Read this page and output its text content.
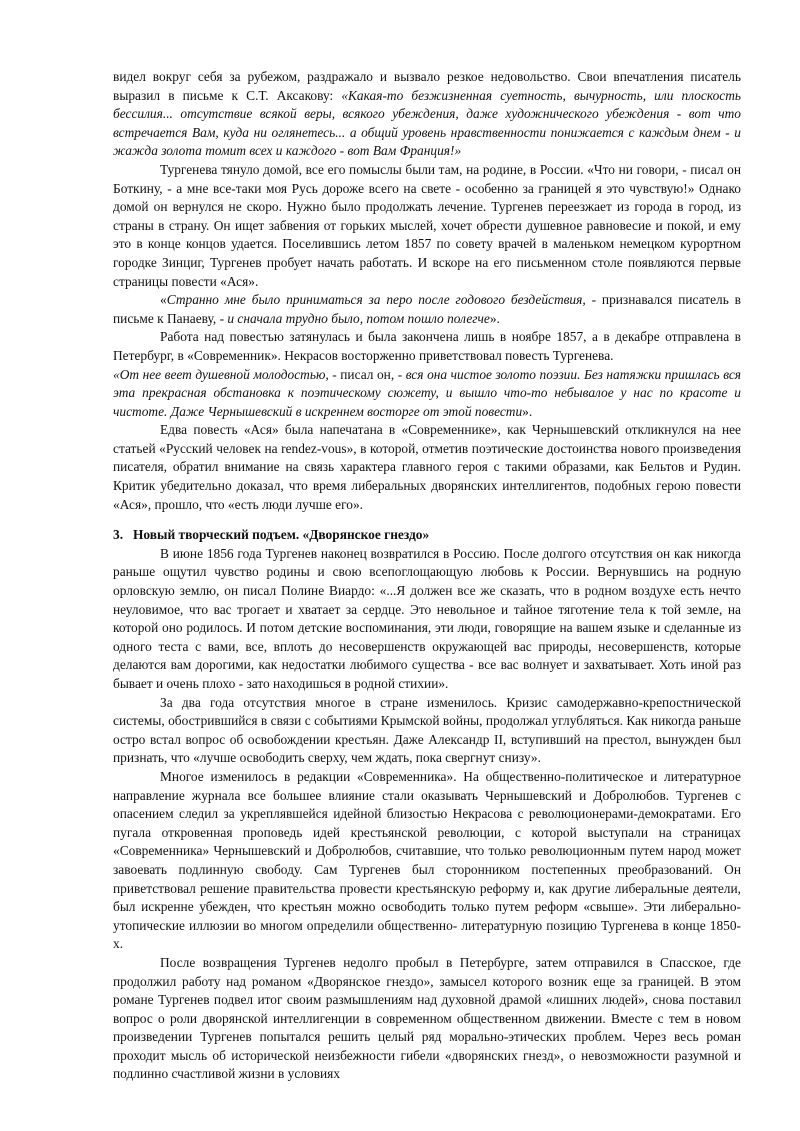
видел вокруг себя за рубежом, раздражало и вызвало резкое недовольство. Свои впечатления писатель выразил в письме к С.Т. Аксакову: «Какая-то безжизненная суетность, вычурность, или плоскость бессилия... отсутствие всякой веры, всякого убеждения, даже художнического убеждения - вот что встречается Вам, куда ни оглянетесь... а общий уровень нравственности понижается с каждым днем - и жажда золота томит всех и каждого - вот Вам Франция!»

Тургенева тянуло домой, все его помыслы были там, на родине, в России. «Что ни говори, - писал он Боткину, - а мне все-таки моя Русь дороже всего на свете - особенно за границей я это чувствую!» Однако домой он вернулся не скоро. Нужно было продолжать лечение. Тургенев переезжает из города в город, из страны в страну. Он ищет забвения от горьких мыслей, хочет обрести душевное равновесие и покой, и ему это в конце концов удается. Поселившись летом 1857 по совету врачей в маленьком немецком курортном городке Зинциг, Тургенев пробует начать работать. И вскоре на его письменном столе появляются первые страницы повести «Ася».

«Странно мне было приниматься за перо после годового бездействия, - признавался писатель в письме к Панаеву, - и сначала трудно было, потом пошло полегче».

Работа над повестью затянулась и была закончена лишь в ноябре 1857, а в декабре отправлена в Петербург, в «Современник». Некрасов восторженно приветствовал повесть Тургенева.

«От нее веет душевной молодостью, - писал он, - вся она чистое золото поэзии. Без натяжки пришлась вся эта прекрасная обстановка к поэтическому сюжету, и вышло что-то небывалое у нас по красоте и чистоте. Даже Чернышевский в искреннем восторге от этой повести».

Едва повесть «Ася» была напечатана в «Современнике», как Чернышевский откликнулся на нее статьей «Русский человек на rendez-vous», в которой, отметив поэтические достоинства нового произведения писателя, обратил внимание на связь характера главного героя с такими образами, как Бельтов и Рудин. Критик убедительно доказал, что время либеральных дворянских интеллигентов, подобных герою повести «Ася», прошло, что «есть люди лучше его».

3. Новый творческий подъем. «Дворянское гнездо»

В июне 1856 года Тургенев наконец возвратился в Россию. После долгого отсутствия он как никогда раньше ощутил чувство родины и свою всепоглощающую любовь к России. Вернувшись на родную орловскую землю, он писал Полине Виардо: «...Я должен все же сказать, что в родном воздухе есть нечто неуловимое, что вас трогает и хватает за сердце. Это невольное и тайное тяготение тела к той земле, на которой оно родилось. И потом детские воспоминания, эти люди, говорящие на вашем языке и сделанные из одного теста с вами, все, вплоть до несовершенств окружающей вас природы, несовершенств, которые делаются вам дорогими, как недостатки любимого существа - все вас волнует и захватывает. Хоть иной раз бывает и очень плохо - зато находишься в родной стихии».

За два года отсутствия многое в стране изменилось. Кризис самодержавно-крепостнической системы, обострившийся в связи с событиями Крымской войны, продолжал углубляться. Как никогда раньше остро встал вопрос об освобождении крестьян. Даже Александр II, вступивший на престол, вынужден был признать, что «лучше освободить сверху, чем ждать, пока свергнут снизу».

Многое изменилось в редакции «Современника». На общественно-политическое и литературное направление журнала все большее влияние стали оказывать Чернышевский и Добролюбов. Тургенев с опасением следил за укреплявшейся идейной близостью Некрасова с революционерами-демократами. Его пугала откровенная проповедь идей крестьянской революции, с которой выступали на страницах «Современника» Чернышевский и Добролюбов, считавшие, что только революционным путем народ может завоевать подлинную свободу. Сам Тургенев был сторонником постепенных преобразований. Он приветствовал решение правительства провести крестьянскую реформу и, как другие либеральные деятели, был искренне убежден, что крестьян можно освободить только путем реформ «свыше». Эти либерально-утопические иллюзии во многом определили общественно- литературную позицию Тургенева в конце 1850-х.

После возвращения Тургенев недолго пробыл в Петербурге, затем отправился в Спасское, где продолжил работу над романом «Дворянское гнездо», замысел которого возник еще за границей. В этом романе Тургенев подвел итог своим размышлениям над духовной драмой «лишних людей», снова поставил вопрос о роли дворянской интеллигенции в современном общественном движении. Вместе с тем в новом произведении Тургенев попытался решить целый ряд морально-этических проблем. Через весь роман проходит мысль об исторической неизбежности гибели «дворянских гнезд», о невозможности разумной и подлинно счастливой жизни в условиях
